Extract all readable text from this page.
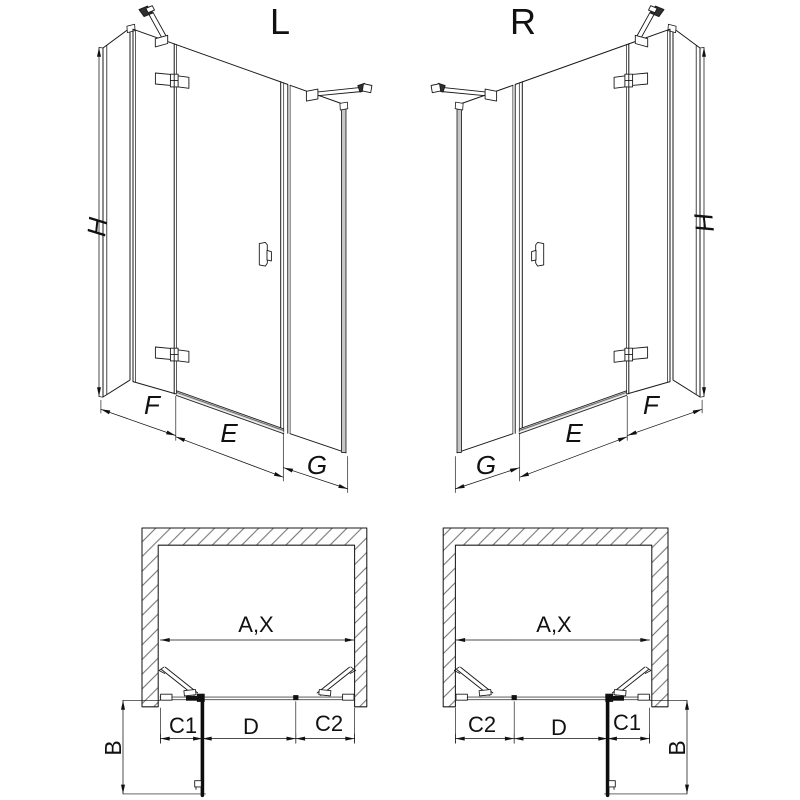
L
H
F
E
G
R
H
F
E
G
A,X
C1 D	C2
B
A,X
C2 D C1
B
